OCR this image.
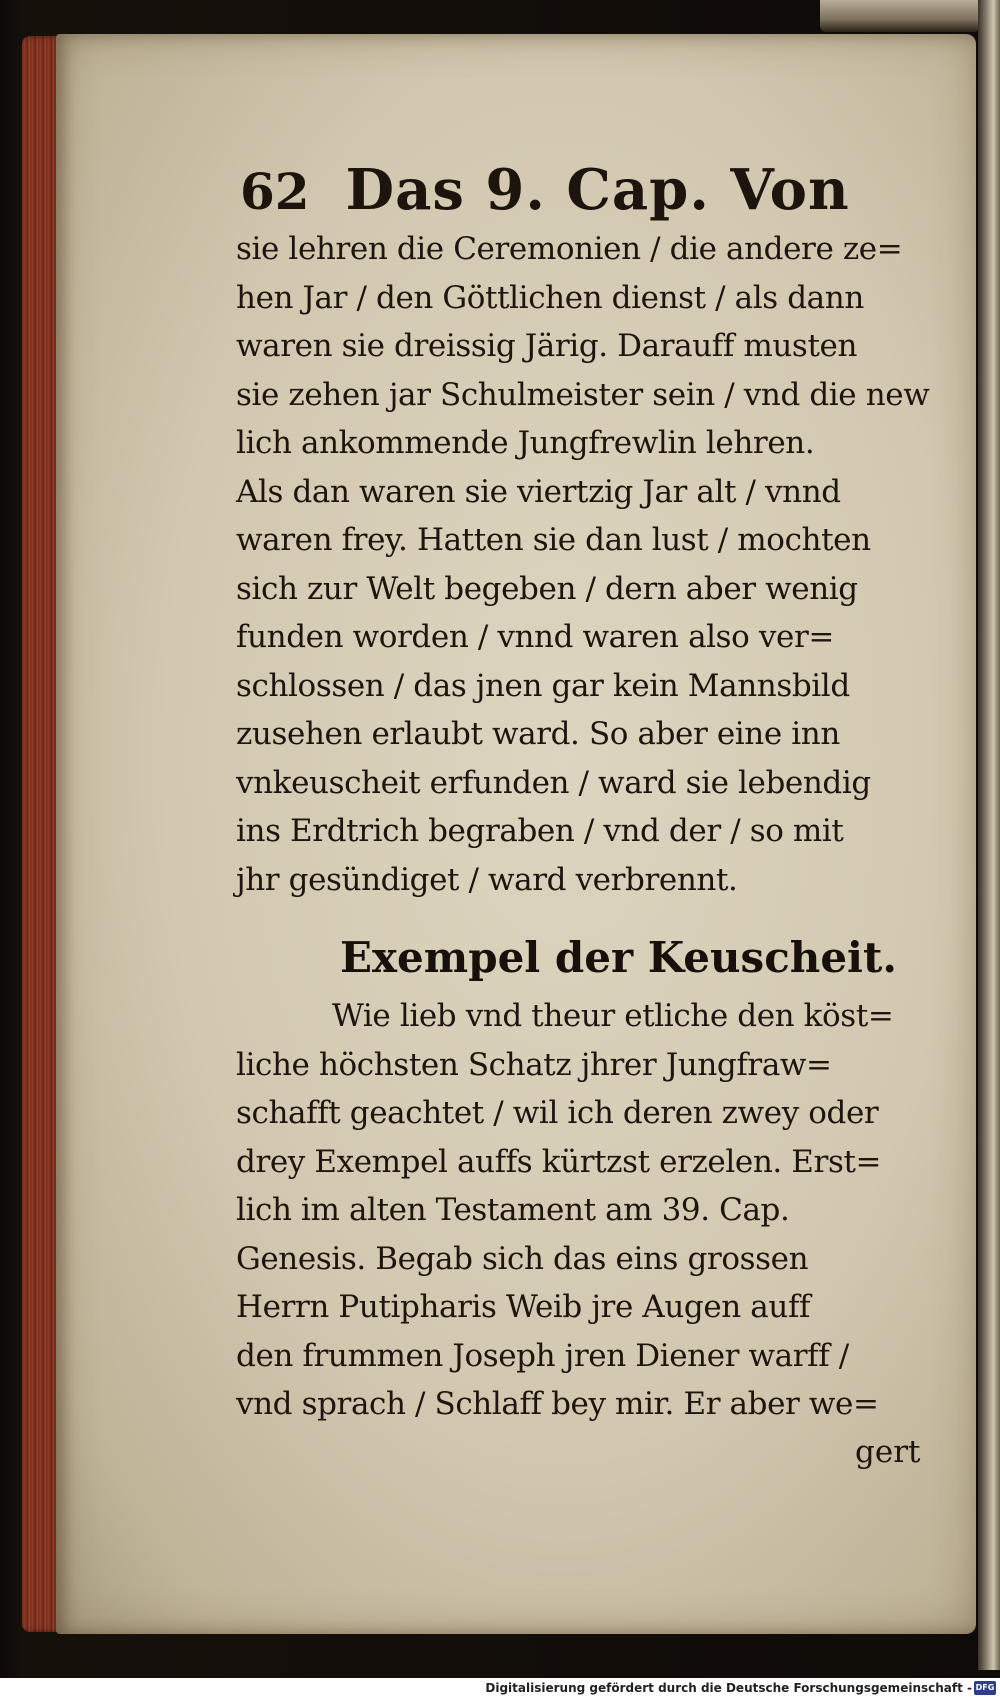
62 Das 9. Cap. Von
sie lehren die Ceremonien / die andere ze=
hen Jar / den Göttlichen dienst / als dann
waren sie dreissig Järig. Darauff musten
sie zehen jar Schulmeister sein / vnd die new
lich ankommende Jungfrewlin lehren.
Als dan waren sie viertzig Jar alt / vnnd
waren frey. Hatten sie dan lust / mochten
sich zur Welt begeben / dern aber wenig
funden worden / vnnd waren also ver=
schlossen / das jnen gar kein Mannsbild
zusehen erlaubt ward. So aber eine inn
vnkeuscheit erfunden / ward sie lebendig
ins Erdtrich begraben / vnd der / so mit
jhr gesündiget / ward verbrennt.
Exempel der Keuscheit.
Wie lieb vnd theur etliche den köst=
liche höchsten Schatz jhrer Jungfraw=
schafft geachtet / wil ich deren zwey oder
drey Exempel auffs kürtzst erzelen. Erst=
lich im alten Testament am 39. Cap.
Genesis. Begab sich das eins grossen
Herrn Putipharis Weib jre Augen auff
den frummen Joseph jren Diener warff /
vnd sprach / Schlaff bey mir. Er aber we=
gert
Digitalisierung gefördert durch die Deutsche Forschungsgemeinschaft - DFG
